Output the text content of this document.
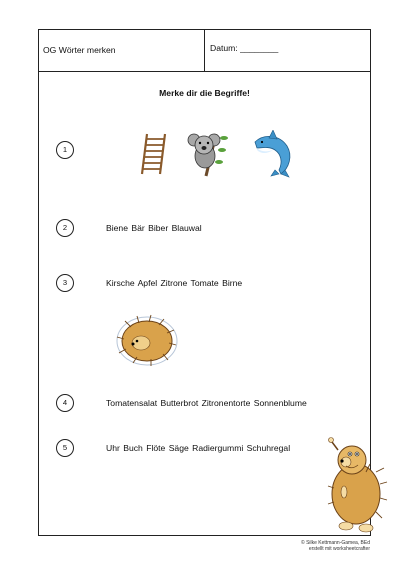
OG Wörter merken	Datum: ________
Merke dir die Begriffe!
1
2	Biene Bär Biber Blauwal
3	Kirsche Apfel Zitrone Tomate Birne
4	Tomatensalat Butterbrot Zitronentorte Sonnenblume
5	Uhr Buch Flöte Säge Radiergummi Schuhregal
© Silke Kettmann-Gamea, BEd
erstellt mit worksheetcrafter
